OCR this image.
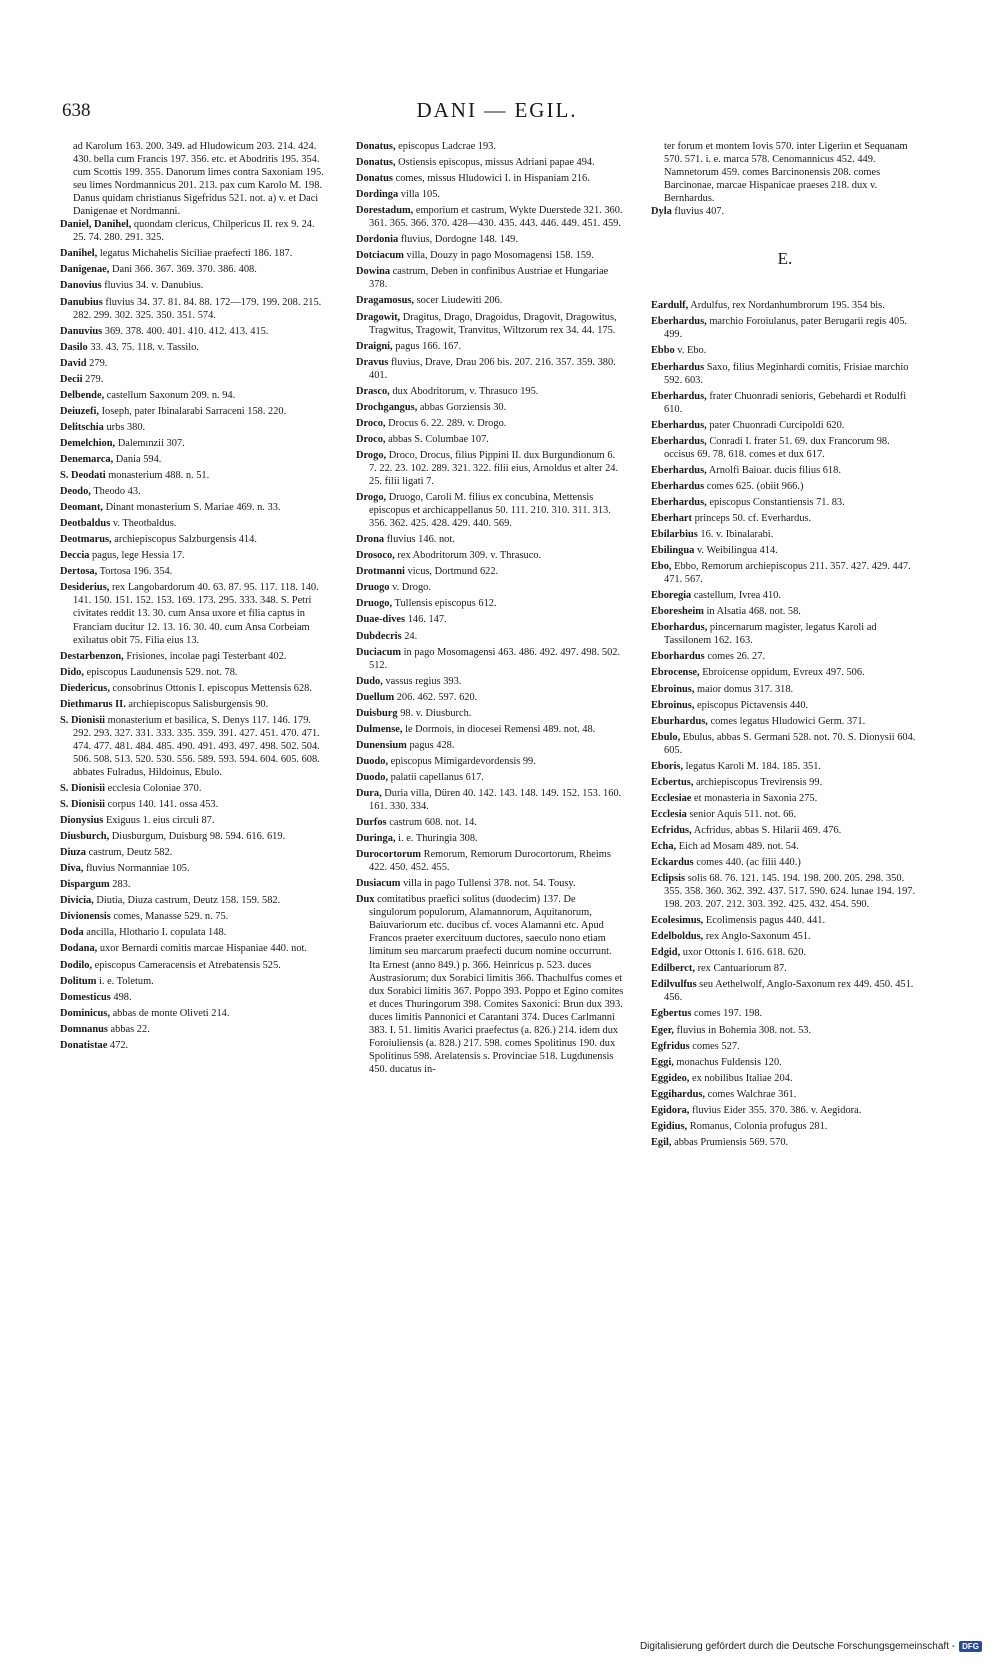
638	DANI — EGIL.
ad Karolum 163. 200. 349. ad Hludowicum 203. 214. 424. 430. bella cum Francis 197. 356. etc. et Abodritis 195. 354. cum Scottis 199. 355. Danorum limes contra Saxoniam 195. seu limes Nordmannicus 201. 213. pax cum Karolo M. 198. Danus quidam christianus Sigefridus 521. not. a) v. et Daci Danigenae et Nordmanni.
Daniel, Danihel, quondam clericus, Chilpericus II. rex 9. 24. 25. 74. 280. 291. 325.
Danihel, legatus Michahelis Siciliae praefecti 186. 187.
Danigenae, Dani 366. 367. 369. 370. 386. 408.
Danovius fluvius 34. v. Danubius.
Danubius fluvius 34. 37. 81. 84. 88. 172—179. 199. 208. 215. 282. 299. 302. 325. 350. 351. 574.
Danuvius 369. 378. 400. 401. 410. 412. 413. 415.
Dasilo 33. 43. 75. 118. v. Tassilo.
David 279.
Decii 279.
Delbende, castellum Saxonum 209. n. 94.
Deiuzefi, Ioseph, pater Ibinalarabi Sarraceni 158. 220.
Delitschia urbs 380.
Demelchion, Dalemınzii 307.
Denemarca, Dania 594.
S. Deodati monasterium 488. n. 51.
Deodo, Theodo 43.
Deomant, Dinant monasterium S. Mariae 469. n. 33.
Deotbaldus v. Theotbaldus.
Deotmarus, archiepiscopus Salzburgensis 414.
Deccia pagus, lege Hessia 17.
Dertosa, Tortosa 196. 354.
Desiderius, rex Langobardorum 40. 63. 87. 95. 117. 118. 140. 141. 150. 151. 152. 153. 169. 173. 295. 333. 348. S. Petri civitates reddit 13. 30. cum Ansa uxore et filia captus in Franciam ducitur 12. 13. 16. 30. 40. cum Ansa Corbeiam exilıatus obit 75. Filia eius 13.
Destarbenzon, Frisiones, incolae pagi Testerbant 402.
Dido, episcopus Laudunensis 529. not. 78.
Diedericus, consobrinus Ottonis I. episcopus Mettensis 628.
Diethmarus II. archiepiscopus Salisburgensis 90.
S. Dionisii monasterium et basilica, S. Denys 117. 146. 179. 292. 293. 327. 331. 333. 335. 359. 391. 427. 451. 470. 471. 474. 477. 481. 484. 485. 490. 491. 493. 497. 498. 502. 504. 506. 508. 513. 520. 530. 556. 589. 593. 594. 604. 605. 608. abbates Fulradus, Hildoinus, Ebulo.
S. Dionisii ecclesia Coloniae 370.
S. Dionisii corpus 140. 141. ossa 453.
Dionysius Exiguus 1. eius circuli 87.
Diusburch, Diusburgum, Duisburg 98. 594. 616. 619.
Diuza castrum, Deutz 582.
Diva, fluvius Normanniae 105.
Dispargum 283.
Divicia, Diutia, Diuza castrum, Deutz 158. 159. 582.
Divionensis comes, Manasse 529. n. 75.
Doda ancilla, Hlothario I. copulata 148.
Dodana, uxor Bernardi comitis marcae Hispaniae 440. not.
Dodilo, episcopus Cameracensis et Atrebatensis 525.
Dolitum i. e. Toletum.
Domesticus 498.
Dominicus, abbas de monte Oliveti 214.
Domnanus abbas 22.
Donatistae 472.
Donatus, episcopus Ladcrae 193.
Donatus, Ostiensis episcopus, missus Adriani papae 494.
Donatus comes, missus Hludowici I. in Hispaniam 216.
Dordinga villa 105.
Dorestadum, emporium et castrum, Wykte Duerstede 321. 360. 361. 365. 366. 370. 428—430. 435. 443. 446. 449. 451. 459.
Dordonia fluvius, Dordogne 148. 149.
Dotciacum villa, Douzy in pago Mosomagensi 158. 159.
Dowina castrum, Deben in confinibus Austriae et Hungariae 378.
Dragamosus, socer Liudewiti 206.
Dragowit, Dragitus, Drago, Dragoidus, Dragovit, Dragowitus, Tragwitus, Tragowit, Tranvitus, Wiltzorum rex 34. 44. 175.
Draigni, pagus 166. 167.
Dravus fluvius, Drave, Drau 206 bis. 207. 216. 357. 359. 380. 401.
Drasco, dux Abodritorum, v. Thrasuco 195.
Drochgangus, abbas Gorziensis 30.
Droco, Drocus 6. 22. 289. v. Drogo.
Droco, abbas S. Columbae 107.
Drogo, Droco, Drocus, filius Pippini II. dux Burgundionum 6. 7. 22. 23. 102. 289. 321. 322. filii eius, Arnoldus et alter 24. 25. filii ligati 7.
Drogo, Druogo, Caroli M. filius ex concubina, Mettensis episcopus et archicappellanus 50. 111. 210. 310. 311. 313. 356. 362. 425. 428. 429. 440. 569.
Drona fluvius 146. not.
Drosoco, rex Abodritorum 309. v. Thrasuco.
Drotmanni vicus, Dortmund 622.
Druogo v. Drogo.
Druogo, Tullensis episcopus 612.
Duae-dives 146. 147.
Dubdecris 24.
Duciacum in pago Mosomagensi 463. 486. 492. 497. 498. 502. 512.
Dudo, vassus regius 393.
Duellum 206. 462. 597. 620.
Duisburg 98. v. Diusburch.
Dulmense, le Dormois, in diocesei Remensi 489. not. 48.
Dunensium pagus 428.
Duodo, episcopus Mimigardevordensis 99.
Duodo, palatii capellanus 617.
Dura, Duria villa, Düren 40. 142. 143. 148. 149. 152. 153. 160. 161. 330. 334.
Durfos castrum 608. not. 14.
Duringa, i. e. Thuringia 308.
Durocortorum Remorum, Remorum Durocortorum, Rheims 422. 450. 452. 455.
Dusiacum villa in pago Tullensi 378. not. 54. Tousy.
Dux comitatibus praefici solitus (duodecim) 137. De singulorum populorum, Alamannorum, Aquitanorum, Baiuvariorum etc. ducibus cf. voces Alamanni etc. Apud Francos praeter exercituum ductores, saeculo nono etiam limitum seu marcarum praefecti ducum nomine occurrunt. Ita Ernest (anno 849.) p. 366. Heinricus p. 523. duces Austrasiorum; dux Sorabici limitis 366. Thachulfus comes et dux Sorabici limitis 367. Poppo 393. Poppo et Egino comites et duces Thuringorum 398. Comites Saxonici: Brun dux 393. duces limitis Pannonici et Carantani 374. Duces Carlmanni 383. I. 51. limitis Avarici praefectus (a. 826.) 214. idem dux Foroiuliensis (a. 828.) 217. 598. comes Spolitinus 190. dux Spolitinus 598. Arelatensis s. Provinciae 518. Lugdunensis 450. ducatus in-
ter forum et montem Iovis 570. inter Ligeriın et Sequanam 570. 571. i. e. marca 578. Cenomannicus 452. 449. Namnetorum 459. comes Barcinonensis 208. comes Barcinonae, marcae Hispanicae praeses 218. dux v. Bernhardus.
Dyla fluvius 407.
E.
Eardulf, Ardulfus, rex Nordanhumbrorum 195. 354 bis.
Eberhardus, marchio Foroiulanus, pater Berugarii regis 405. 499.
Ebbo v. Ebo.
Eberhardus Saxo, filius Meginhardi comitis, Frisiae marchio 592. 603.
Eberhardus, frater Chuonradi senioris, Gebehardi et Rodulfi 610.
Eberhardus, pater Chuonradi Curcipoldi 620.
Eberhardus, Conradi I. frater 51. 69. dux Francorum 98. occisus 69. 78. 618. comes et dux 617.
Eberhardus, Arnolfi Baioar. ducis filius 618.
Eberhardus comes 625. (obiit 966.)
Eberhardus, episcopus Constantiensis 71. 83.
Eberhart princeps 50. cf. Everhardus.
Ebilarbius 16. v. Ibinalarabi.
Ebilingua v. Weibilingua 414.
Ebo, Ebbo, Remorum archiepiscopus 211. 357. 427. 429. 447. 471. 567.
Eboregia castellum, Ivrea 410.
Eboresheim in Alsatia 468. not. 58.
Eborhardus, pincernarum magister, legatus Karoli ad Tassilonem 162. 163.
Eborhardus comes 26. 27.
Ebrocense, Ebroicense oppidum, Evreux 497. 506.
Ebroinus, maior domus 317. 318.
Ebroinus, episcopus Pictavensis 440.
Eburhardus, comes legatus Hludowici Germ. 371.
Ebulo, Ebulus, abbas S. Germani 528. not. 70. S. Dionysii 604. 605.
Eboris, legatus Karoli M. 184. 185. 351.
Ecbertus, archiepiscopus Trevirensis 99.
Ecclesiae et monasteria in Saxonia 275.
Ecclesia senior Aquis 511. not. 66.
Ecfridus, Acfridus, abbas S. Hilarii 469. 476.
Echa, Eich ad Mosam 489. not. 54.
Eckardus comes 440. (ac filii 440.)
Eclipsis solis 68. 76. 121. 145. 194. 198. 200. 205. 298. 350. 355. 358. 360. 362. 392. 437. 517. 590. 624. lunae 194. 197. 198. 203. 207. 212. 303. 392. 425. 432. 454. 590.
Ecolesimus, Ecolimensis pagus 440. 441.
Edelboldus, rex Anglo-Saxonum 451.
Edgid, uxor Ottonis I. 616. 618. 620.
Edilberct, rex Cantuariorum 87.
Edilvulfus seu Aethelwolf, Anglo-Saxonum rex 449. 450. 451. 456.
Egbertus comes 197. 198.
Eger, fluvius in Bohemia 308. not. 53.
Egfridus comes 527.
Eggi, monachus Fuldensis 120.
Eggideo, ex nobilibus Italiae 204.
Eggihardus, comes Walchrae 361.
Egidora, fluvius Eider 355. 370. 386. v. Aegidora.
Egidius, Romanus, Colonia profugus 281.
Egil, abbas Prumiensis 569. 570.
Digitalisierung gefördert durch die Deutsche Forschungsgemeinschaft - DFG
